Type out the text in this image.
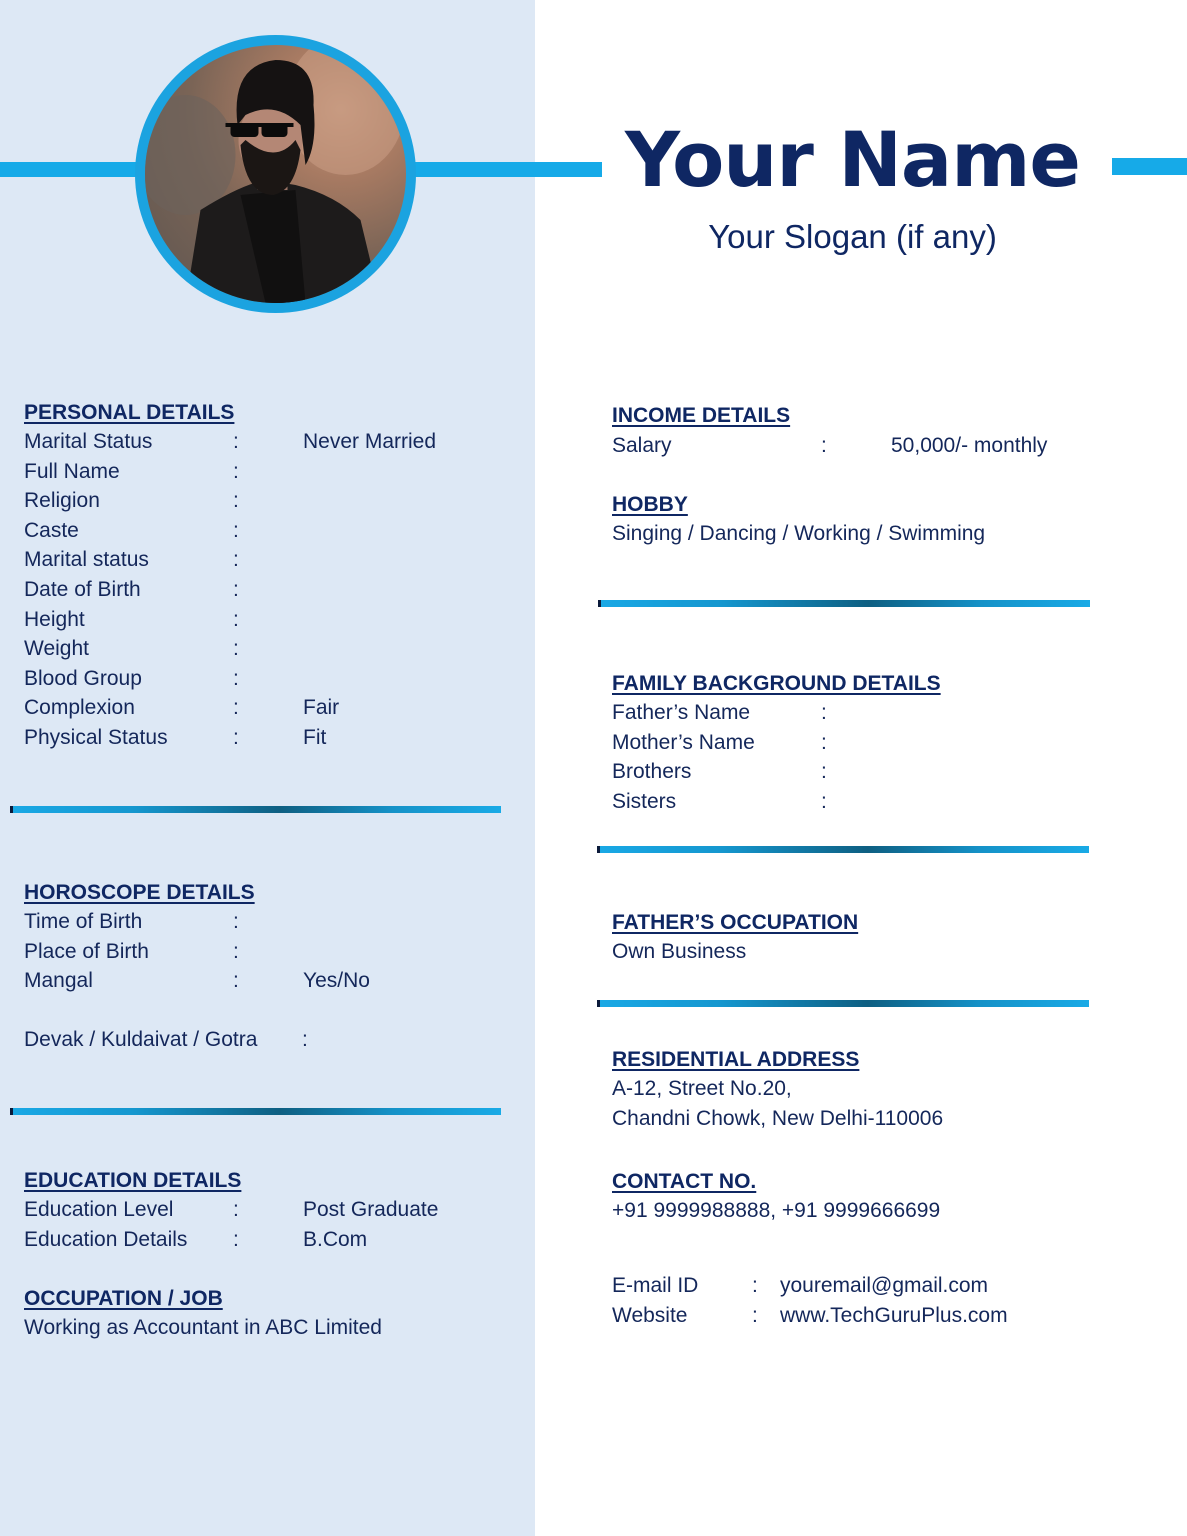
Your Name
Your Slogan (if any)
PERSONAL DETAILS
Marital Status	:	Never Married
Full Name	:
Religion	:
Caste	:
Marital status	:
Date of Birth	:
Height	:
Weight	:
Blood Group	:
Complexion	:	Fair
Physical Status	:	Fit
HOROSCOPE DETAILS
Time of Birth	:
Place of Birth	:
Mangal	:	Yes/No
Devak / Kuldaivat / Gotra :
EDUCATION DETAILS
Education Level	:	Post Graduate
Education Details :	B.Com
OCCUPATION / JOB
Working as Accountant in ABC Limited
INCOME DETAILS
Salary	:	50,000/- monthly
HOBBY
Singing / Dancing / Working / Swimming
FAMILY BACKGROUND DETAILS
Father’s Name	:
Mother’s Name	:
Brothers	:
Sisters	:
FATHER’S OCCUPATION
Own Business
RESIDENTIAL ADDRESS
A-12, Street No.20,
Chandni Chowk, New Delhi-110006
CONTACT NO.
+91 9999988888, +91 9999666699
E-mail ID	: youremail@gmail.com
Website	: www.TechGuruPlus.com
